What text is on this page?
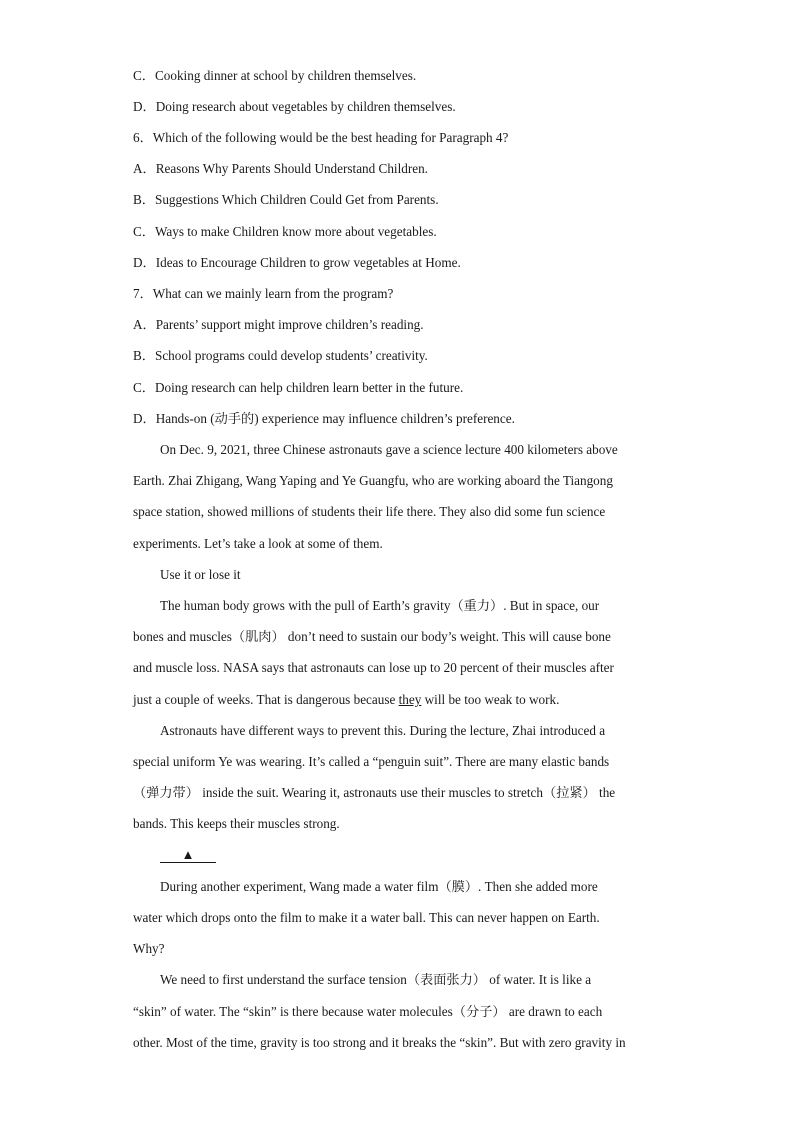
C．Cooking dinner at school by children themselves.
D．Doing research about vegetables by children themselves.
6．Which of the following would be the best heading for Paragraph 4?
A．Reasons Why Parents Should Understand Children.
B．Suggestions Which Children Could Get from Parents.
C．Ways to make Children know more about vegetables.
D．Ideas to Encourage Children to grow vegetables at Home.
7．What can we mainly learn from the program?
A．Parents’ support might improve children’s reading.
B．School programs could develop students’ creativity.
C．Doing research can help children learn better in the future.
D．Hands-on (动手的) experience may influence children’s preference.
On Dec. 9, 2021, three Chinese astronauts gave a science lecture 400 kilometers above
Earth. Zhai Zhigang, Wang Yaping and Ye Guangfu, who are working aboard the Tiangong
space station, showed millions of students their life there. They also did some fun science
experiments. Let’s take a look at some of them.
Use it or lose it
The human body grows with the pull of Earth’s gravity（重力）. But in space, our
bones and muscles（肌肉） don’t need to sustain our body’s weight. This will cause bone
and muscle loss. NASA says that astronauts can lose up to 20 percent of their muscles after
just a couple of weeks. That is dangerous because they will be too weak to work.
Astronauts have different ways to prevent this. During the lecture, Zhai introduced a
special uniform Ye was wearing. It’s called a “penguin suit”. There are many elastic bands
（弹力带） inside the suit. Wearing it, astronauts use their muscles to stretch（拉紧） the
bands. This keeps their muscles strong.
▲
During another experiment, Wang made a water film（膜）. Then she added more
water which drops onto the film to make it a water ball. This can never happen on Earth.
Why?
We need to first understand the surface tension（表面张力） of water. It is like a
“skin” of water. The “skin” is there because water molecules（分子） are drawn to each
other. Most of the time, gravity is too strong and it breaks the “skin”. But with zero gravity in
